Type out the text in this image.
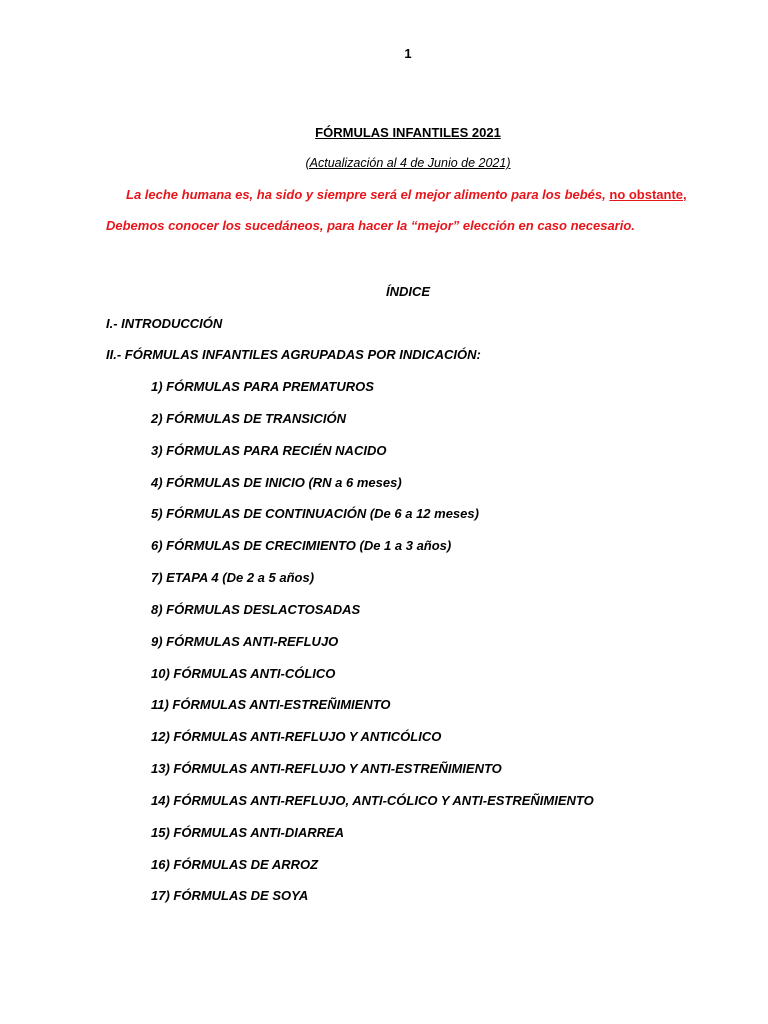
1
FÓRMULAS INFANTILES 2021
(Actualización al 4 de Junio de 2021)
La leche humana es, ha sido y siempre será el mejor alimento para los bebés, no obstante,
Debemos conocer los sucedáneos, para hacer la “mejor” elección en caso necesario.
ÍNDICE
I.- INTRODUCCIÓN
II.- FÓRMULAS INFANTILES AGRUPADAS POR INDICACIÓN:
1) FÓRMULAS PARA PREMATUROS
2) FÓRMULAS DE TRANSICIÓN
3) FÓRMULAS PARA RECIÉN NACIDO
4) FÓRMULAS DE INICIO (RN a 6 meses)
5) FÓRMULAS DE CONTINUACIÓN (De 6 a 12 meses)
6) FÓRMULAS DE CRECIMIENTO (De 1 a 3 años)
7) ETAPA 4 (De 2 a 5 años)
8) FÓRMULAS DESLACTOSADAS
9) FÓRMULAS ANTI-REFLUJO
10) FÓRMULAS ANTI-CÓLICO
11) FÓRMULAS ANTI-ESTREÑIMIENTO
12) FÓRMULAS ANTI-REFLUJO Y ANTICÓLICO
13) FÓRMULAS ANTI-REFLUJO Y ANTI-ESTREÑIMIENTO
14) FÓRMULAS ANTI-REFLUJO, ANTI-CÓLICO Y ANTI-ESTREÑIMIENTO
15) FÓRMULAS ANTI-DIARREA
16) FÓRMULAS DE ARROZ
17) FÓRMULAS DE SOYA
